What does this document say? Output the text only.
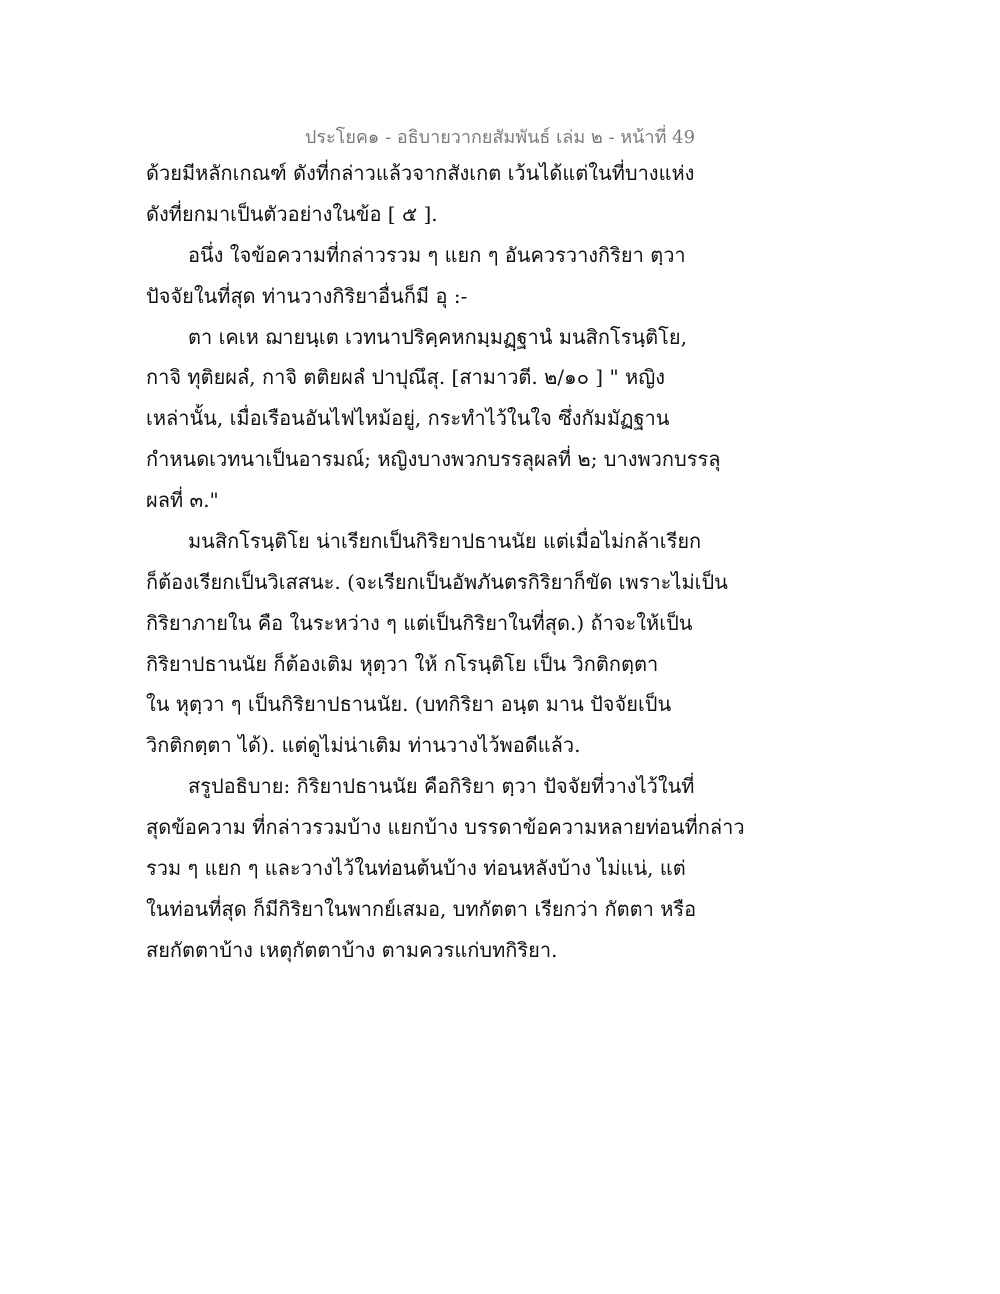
ประโยค๑ - อธิบายวากยสัมพันธ์ เล่ม ๒ - หน้าที่ 49
ด้วยมีหลักเกณฑ์ ดังที่กล่าวแล้วจากสังเกต เว้นได้แต่ในที่บางแห่ง
ดังที่ยกมาเป็นตัวอย่างในข้อ [ ๕ ].
อนึ่ง ใจข้อความที่กล่าวรวม ๆ แยก ๆ อันควรวางกิริยา ตฺวา
ปัจจัยในที่สุด ท่านวางกิริยาอื่นก็มี อุ :-
ตา เคเห ฌายนฺเต เวทนาปริคฺคหกมฺมฏฺฐานํ มนสิกโรนฺติโย,
กาจิ ทุติยผลํ, กาจิ ตติยผลํ ปาปุณึสุ. [สามาวตี. ๒/๑๐ ] " หญิง
เหล่านั้น, เมื่อเรือนอันไฟไหม้อยู่, กระทำไว้ในใจ ซึ่งกัมมัฏฐาน
กำหนดเวทนาเป็นอารมณ์; หญิงบางพวกบรรลุผลที่ ๒; บางพวกบรรลุ
ผลที่ ๓."
มนสิกโรนฺติโย น่าเรียกเป็นกิริยาปธานนัย แต่เมื่อไม่กล้าเรียก
ก็ต้องเรียกเป็นวิเสสนะ. (จะเรียกเป็นอัพภันตรกิริยาก็ขัด เพราะไม่เป็น
กิริยาภายใน คือ ในระหว่าง ๆ แต่เป็นกิริยาในที่สุด.) ถ้าจะให้เป็น
กิริยาปธานนัย ก็ต้องเติม หุตฺวา ให้ กโรนฺติโย เป็น วิกติกตฺตา
ใน หุตฺวา ๆ เป็นกิริยาปธานนัย. (บทกิริยา อนฺต มาน ปัจจัยเป็น
วิกติกตฺตา ได้). แต่ดูไม่น่าเติม ท่านวางไว้พอดีแล้ว.
สรูปอธิบาย: กิริยาปธานนัย คือกิริยา ตฺวา ปัจจัยที่วางไว้ในที่
สุดข้อความ ที่กล่าวรวมบ้าง แยกบ้าง บรรดาข้อความหลายท่อนที่กล่าว
รวม ๆ แยก ๆ และวางไว้ในท่อนต้นบ้าง ท่อนหลังบ้าง ไม่แน่, แต่
ในท่อนที่สุด ก็มีกิริยาในพากย์เสมอ, บทกัตตา เรียกว่า กัตตา หรือ
สยกัตตาบ้าง เหตุกัตตาบ้าง ตามควรแก่บทกิริยา.
